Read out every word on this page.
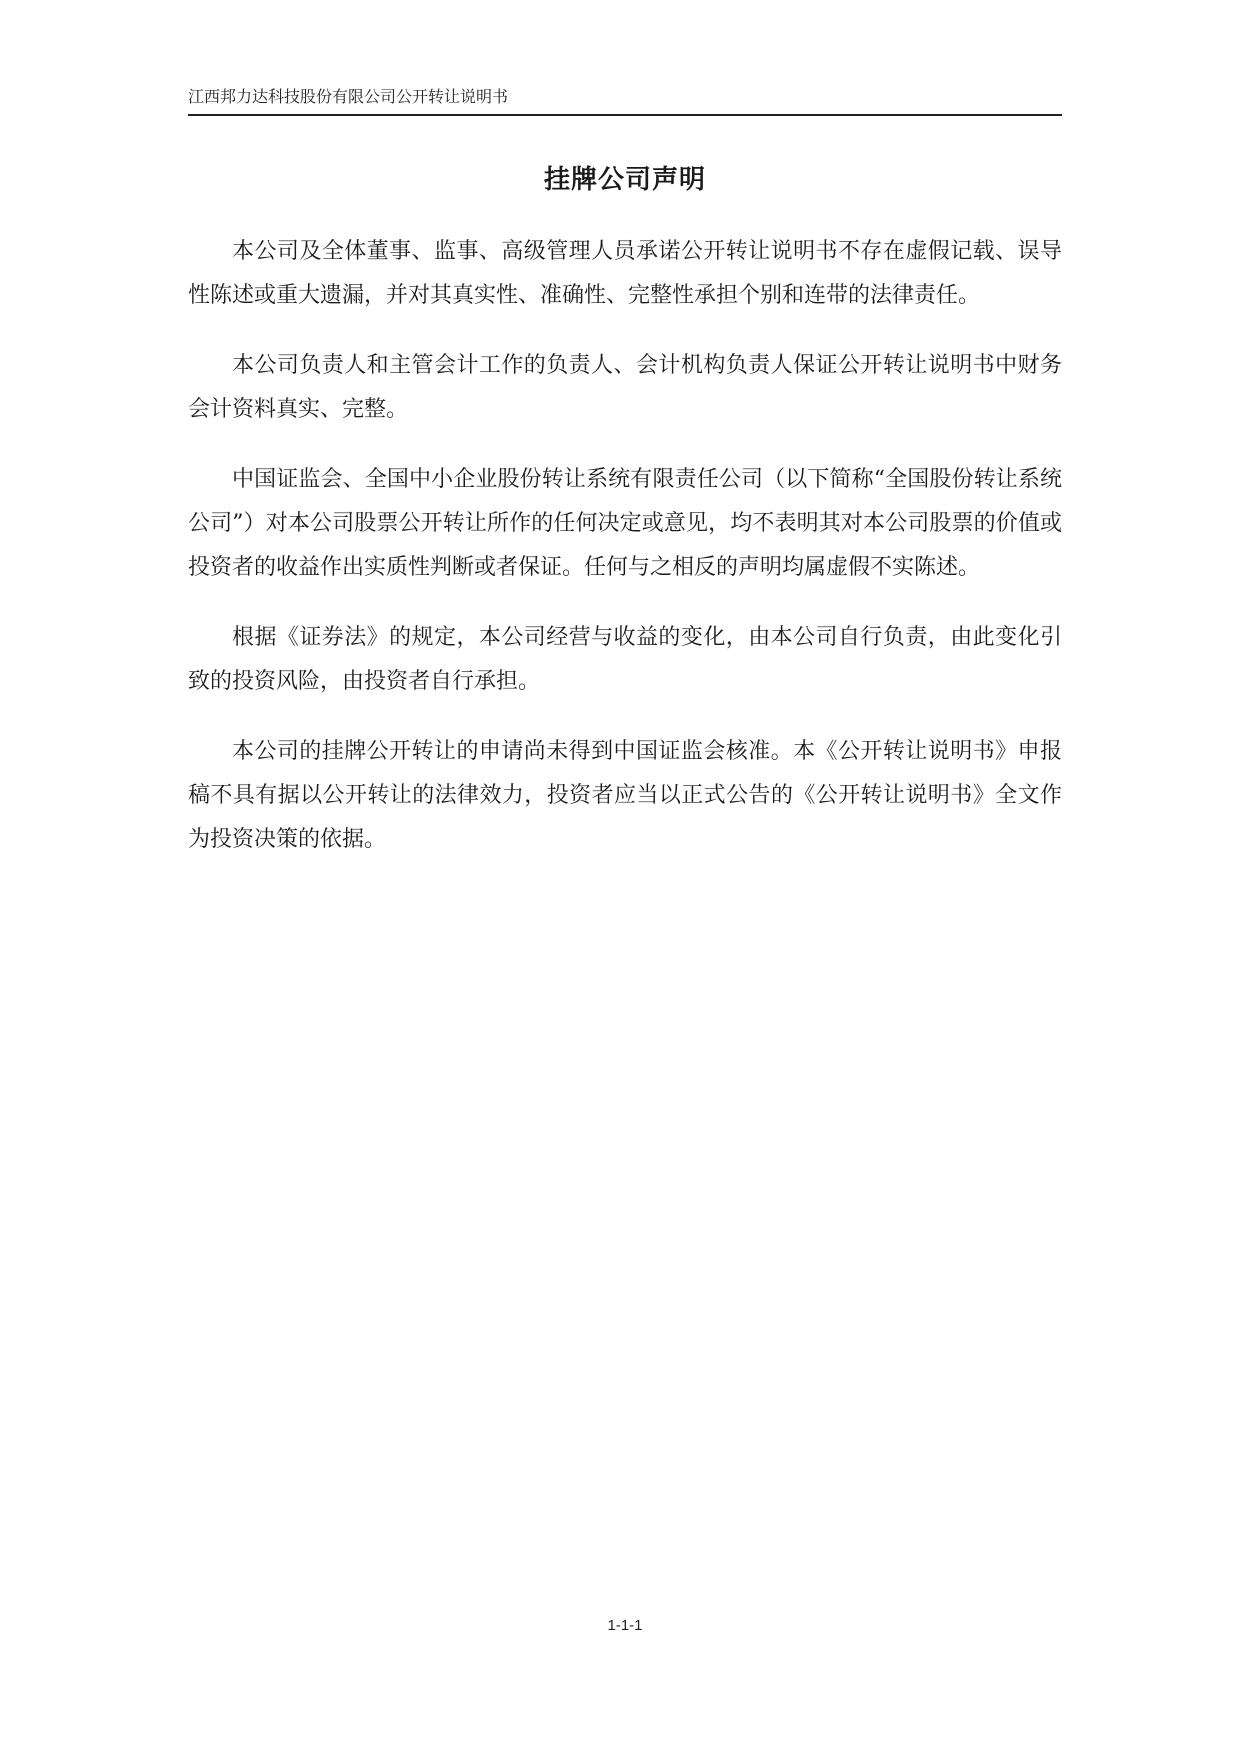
江西邦力达科技股份有限公司公开转让说明书
挂牌公司声明

本公司及全体董事、监事、高级管理人员承诺公开转让说明书不存在虚假记载、误导性陈述或重大遗漏，并对其真实性、准确性、完整性承担个别和连带的法律责任。

本公司负责人和主管会计工作的负责人、会计机构负责人保证公开转让说明书中财务会计资料真实、完整。

中国证监会、全国中小企业股份转让系统有限责任公司（以下简称“全国股份转让系统公司”）对本公司股票公开转让所作的任何决定或意见，均不表明其对本公司股票的价值或投资者的收益作出实质性判断或者保证。任何与之相反的声明均属虚假不实陈述。

根据《证券法》的规定，本公司经营与收益的变化，由本公司自行负责，由此变化引致的投资风险，由投资者自行承担。

本公司的挂牌公开转让的申请尚未得到中国证监会核准。本《公开转让说明书》申报稿不具有据以公开转让的法律效力，投资者应当以正式公告的《公开转让说明书》全文作为投资决策的依据。

1-1-1
